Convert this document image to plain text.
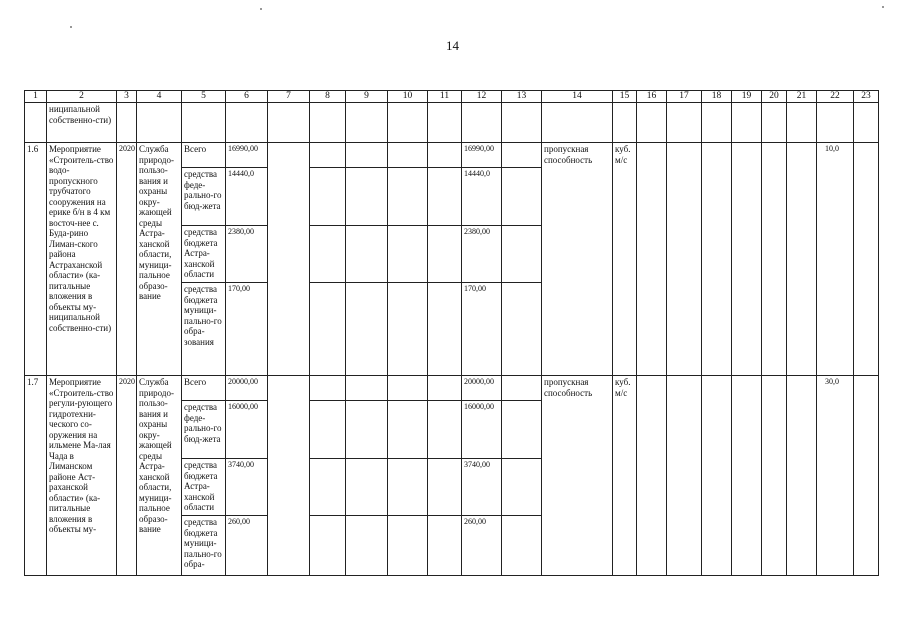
14
1	2	3	4	5	6	7	8	9	10	11	12	13	14	15	16	17	18	19	20	21	22	23
	ниципальной собственно-сти)																					
1.6	Мероприятие «Строитель-ство водо-пропускного трубчатого сооружения на ерике б/н в 4 км восточ-нее с. Буда-рино Лиман-ского района Астраханской области» (ка-питальные вложения в объекты му-ниципальной собственно-сти)	2020	Служба природо-пользо-вания и охраны окру-жающей среды Астра-ханской области, муници-пальное образо-вание	Всего	16990,00						16990,00		пропускная способность	куб. м/с							10,0	
				средства феде-рально-го бюд-жета	14440,0						14440,0											
				средства бюджета Астра-ханской области	2380,00						2380,00											
				средства бюджета муници-пально-го обра-зования	170,00						170,00											
1.7	Мероприятие «Строитель-ство регули-рующего гидротехни-ческого со-оружения на ильмене Ма-лая Чада в Лиманском районе Аст-раханской области» (ка-питальные вложения в объекты му-	2020	Служба природо-пользо-вания и охраны окру-жающей среды Астра-ханской области, муници-пальное образо-вание	Всего	20000,00						20000,00		пропускная способность	куб. м/с							30,0	
				средства феде-рально-го бюд-жета	16000,00						16000,00											
				средства бюджета Астра-ханской области	3740,00						3740,00											
				средства бюджета муници-пально-го обра-	260,00						260,00											
